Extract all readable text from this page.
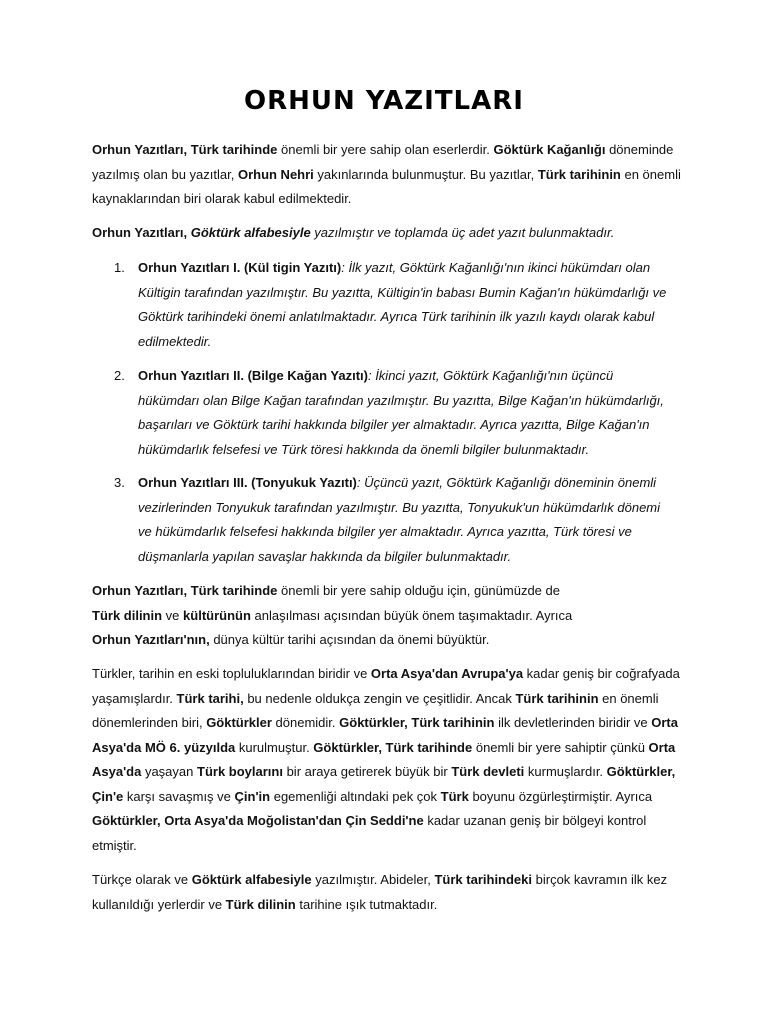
ORHUN YAZITLARI

Orhun Yazıtları, Türk tarihinde önemli bir yere sahip olan eserlerdir. Göktürk Kağanlığı döneminde yazılmış olan bu yazıtlar, Orhun Nehri yakınlarında bulunmuştur. Bu yazıtlar, Türk tarihinin en önemli kaynaklarından biri olarak kabul edilmektedir.

Orhun Yazıtları, Göktürk alfabesiyle yazılmıştır ve toplamda üç adet yazıt bulunmaktadır.

1.	Orhun Yazıtları I. (Kül tigin Yazıtı): İlk yazıt, Göktürk Kağanlığı'nın ikinci hükümdarı olan Kültigin tarafından yazılmıştır. Bu yazıtta, Kültigin'in babası Bumin Kağan'ın hükümdarlığı ve Göktürk tarihindeki önemi anlatılmaktadır. Ayrıca Türk tarihinin ilk yazılı kaydı olarak kabul edilmektedir.
2.	Orhun Yazıtları II. (Bilge Kağan Yazıtı): İkinci yazıt, Göktürk Kağanlığı'nın üçüncü hükümdarı olan Bilge Kağan tarafından yazılmıştır. Bu yazıtta, Bilge Kağan'ın hükümdarlığı, başarıları ve Göktürk tarihi hakkında bilgiler yer almaktadır. Ayrıca yazıtta, Bilge Kağan'ın hükümdarlık felsefesi ve Türk töresi hakkında da önemli bilgiler bulunmaktadır.
3.	Orhun Yazıtları III. (Tonyukuk Yazıtı): Üçüncü yazıt, Göktürk Kağanlığı döneminin önemli vezirlerinden Tonyukuk tarafından yazılmıştır. Bu yazıtta, Tonyukuk'un hükümdarlık dönemi ve hükümdarlık felsefesi hakkında bilgiler yer almaktadır. Ayrıca yazıtta, Türk töresi ve düşmanlarla yapılan savaşlar hakkında da bilgiler bulunmaktadır.

Orhun Yazıtları, Türk tarihinde önemli bir yere sahip olduğu için, günümüzde de Türk dilinin ve kültürünün anlaşılması açısından büyük önem taşımaktadır. Ayrıca Orhun Yazıtları'nın, dünya kültür tarihi açısından da önemi büyüktür.

Türkler, tarihin en eski topluluklarından biridir ve Orta Asya'dan Avrupa'ya kadar geniş bir coğrafyada yaşamışlardır. Türk tarihi, bu nedenle oldukça zengin ve çeşitlidir. Ancak Türk tarihinin en önemli dönemlerinden biri, Göktürkler dönemidir. Göktürkler, Türk tarihinin ilk devletlerinden biridir ve Orta Asya'da MÖ 6. yüzyılda kurulmuştur. Göktürkler, Türk tarihinde önemli bir yere sahiptir çünkü Orta Asya'da yaşayan Türk boylarını bir araya getirerek büyük bir Türk devleti kurmuşlardır. Göktürkler, Çin'e karşı savaşmış ve Çin'in egemenliği altındaki pek çok Türk boyunu özgürleştirmiştir. Ayrıca Göktürkler, Orta Asya'da Moğolistan'dan Çin Seddi'ne kadar uzanan geniş bir bölgeyi kontrol etmiştir.

Türkçe olarak ve Göktürk alfabesiyle yazılmıştır. Abideler, Türk tarihindeki birçok kavramın ilk kez kullanıldığı yerlerdir ve Türk dilinin tarihine ışık tutmaktadır.
